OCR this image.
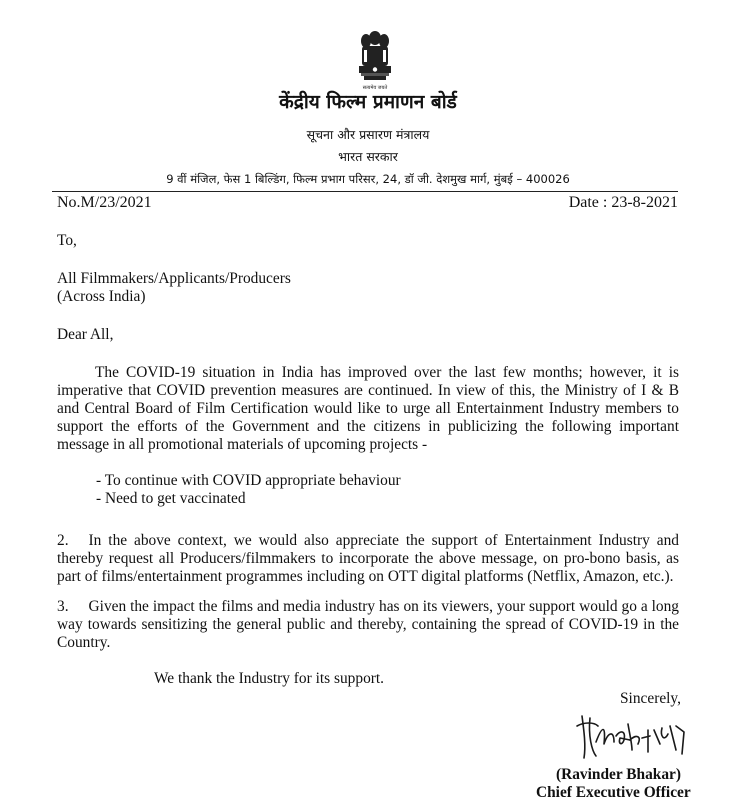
सत्यमेव जयते
केंद्रीय फिल्म प्रमाणन बोर्ड
सूचना और प्रसारण मंत्रालय
भारत सरकार
9 वीं मंजिल, फेस 1 बिल्डिंग, फिल्म प्रभाग परिसर, 24, डॉ जी. देशमुख मार्ग, मुंबई – 400026
No.M/23/2021	Date : 23-8-2021
To,
All Filmmakers/Applicants/Producers
(Across India)
Dear All,
The COVID-19 situation in India has improved over the last few months; however, it is imperative that COVID prevention measures are continued. In view of this, the Ministry of I & B and Central Board of Film Certification would like to urge all Entertainment Industry members to support the efforts of the Government and the citizens in publicizing the following important message in all promotional materials of upcoming projects -
- To continue with COVID appropriate behaviour
- Need to get vaccinated
2. In the above context, we would also appreciate the support of Entertainment Industry and thereby request all Producers/filmmakers to incorporate the above message, on pro-bono basis, as part of films/entertainment programmes including on OTT digital platforms (Netflix, Amazon, etc.).
3. Given the impact the films and media industry has on its viewers, your support would go a long way towards sensitizing the general public and thereby, containing the spread of COVID-19 in the Country.
We thank the Industry for its support.
Sincerely,
(Ravinder Bhakar)
Chief Executive Officer
